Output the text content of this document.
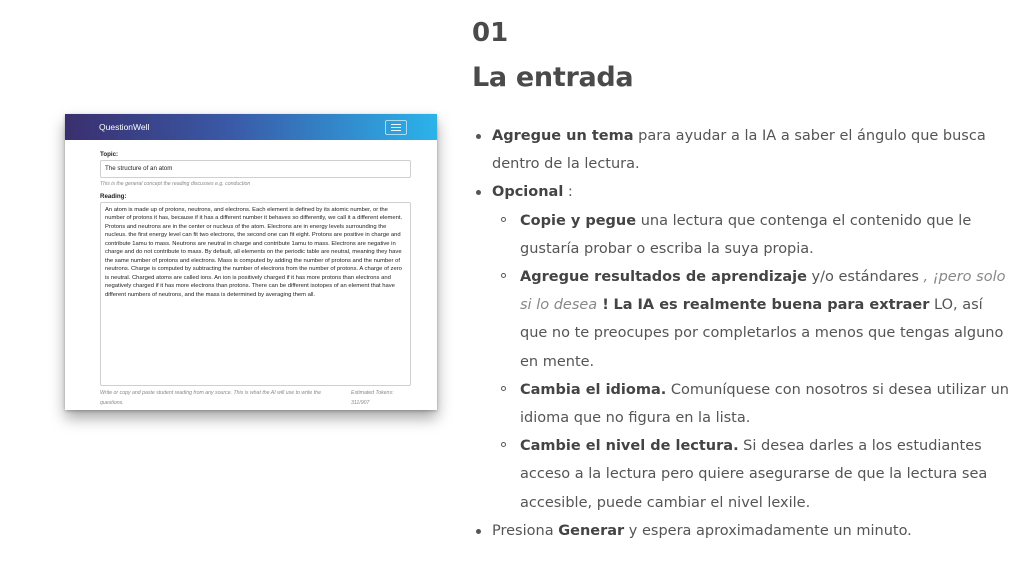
QuestionWell
Topic:
The structure of an atom
This is the general concept the reading discusses e.g. conduction
Reading:
An atom is made up of protons, neutrons, and electrons. Each element is defined by its atomic number, or the number of protons it has, because if it has a different number it behaves so differently, we call it a different element. Protons and neutrons are in the center or nucleus of the atom. Electrons are in energy levels surrounding the nucleus. the first energy level can fit two electrons, the second one can fit eight. Protons are positive in charge and contribute 1amu to mass. Neutrons are neutral in charge and contribute 1amu to mass. Electrons are negative in charge and do not contribute to mass. By default, all elements on the periodic table are neutral, meaning they have the same number of protons and electrons. Mass is computed by adding the number of protons and the number of neutrons. Charge is computed by subtracting the number of electrons from the number of protons. A charge of zero is neutral. Charged atoms are called ions. An ion is positively charged if it has more protons than electrons and negatively charged if it has more electrons than protons. There can be different isotopes of an element that have different numbers of neutrons, and the mass is determined by averaging them all.
Write or copy and paste student reading from any source. This is what the AI will use to write the questions.
Estimated Tokens: 311/907
01
La entrada
Agregue un tema para ayudar a la IA a saber el ángulo que busca dentro de la lectura.
Opcional :
Copie y pegue una lectura que contenga el contenido que le gustaría probar o escriba la suya propia.
Agregue resultados de aprendizaje y/o estándares , ¡pero solo si lo desea ! La IA es realmente buena para extraer LO, así que no te preocupes por completarlos a menos que tengas alguno en mente.
Cambia el idioma. Comuníquese con nosotros si desea utilizar un idioma que no figura en la lista.
Cambie el nivel de lectura. Si desea darles a los estudiantes acceso a la lectura pero quiere asegurarse de que la lectura sea accesible, puede cambiar el nivel lexile.
Presiona Generar y espera aproximadamente un minuto.
